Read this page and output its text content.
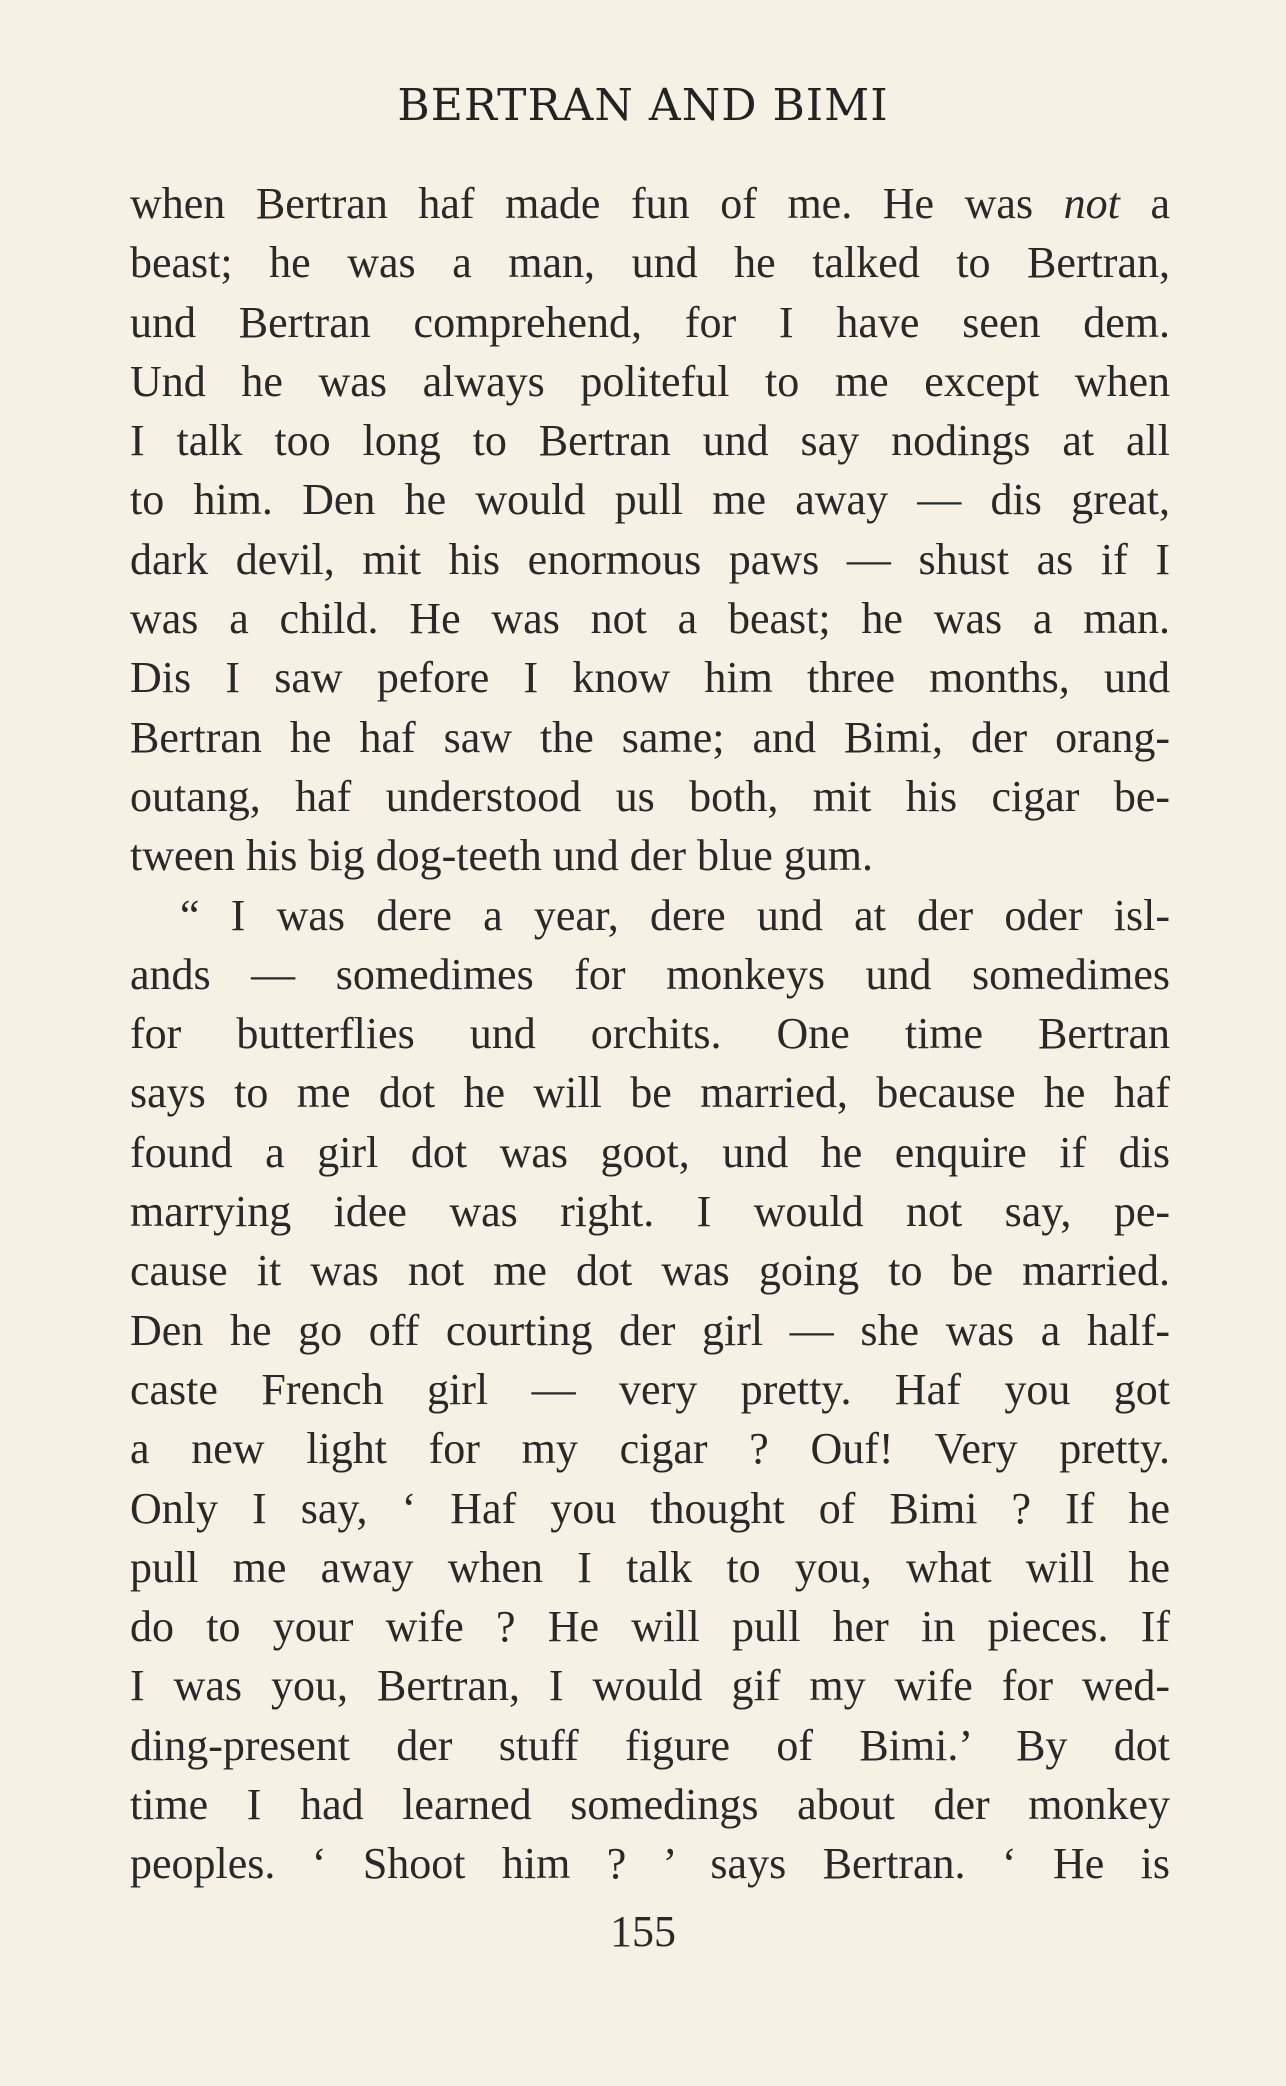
BERTRAN AND BIMI
when Bertran haf made fun of me. He was not a
beast; he was a man, und he talked to Bertran,
und Bertran comprehend, for I have seen dem.
Und he was always politeful to me except when
I talk too long to Bertran und say nodings at all
to him. Den he would pull me away — dis great,
dark devil, mit his enormous paws — shust as if I
was a child. He was not a beast; he was a man.
Dis I saw pefore I know him three months, und
Bertran he haf saw the same; and Bimi, der orang-
outang, haf understood us both, mit his cigar be-
tween his big dog-teeth und der blue gum.
“ I was dere a year, dere und at der oder isl-
ands — somedimes for monkeys und somedimes
for butterflies und orchits. One time Bertran
says to me dot he will be married, because he haf
found a girl dot was goot, und he enquire if dis
marrying idee was right. I would not say, pe-
cause it was not me dot was going to be married.
Den he go off courting der girl — she was a half-
caste French girl — very pretty. Haf you got
a new light for my cigar ? Ouf! Very pretty.
Only I say, ‘ Haf you thought of Bimi ? If he
pull me away when I talk to you, what will he
do to your wife ? He will pull her in pieces. If
I was you, Bertran, I would gif my wife for wed-
ding-present der stuff figure of Bimi.’ By dot
time I had learned somedings about der monkey
peoples. ‘ Shoot him ? ’ says Bertran. ‘ He is
155
